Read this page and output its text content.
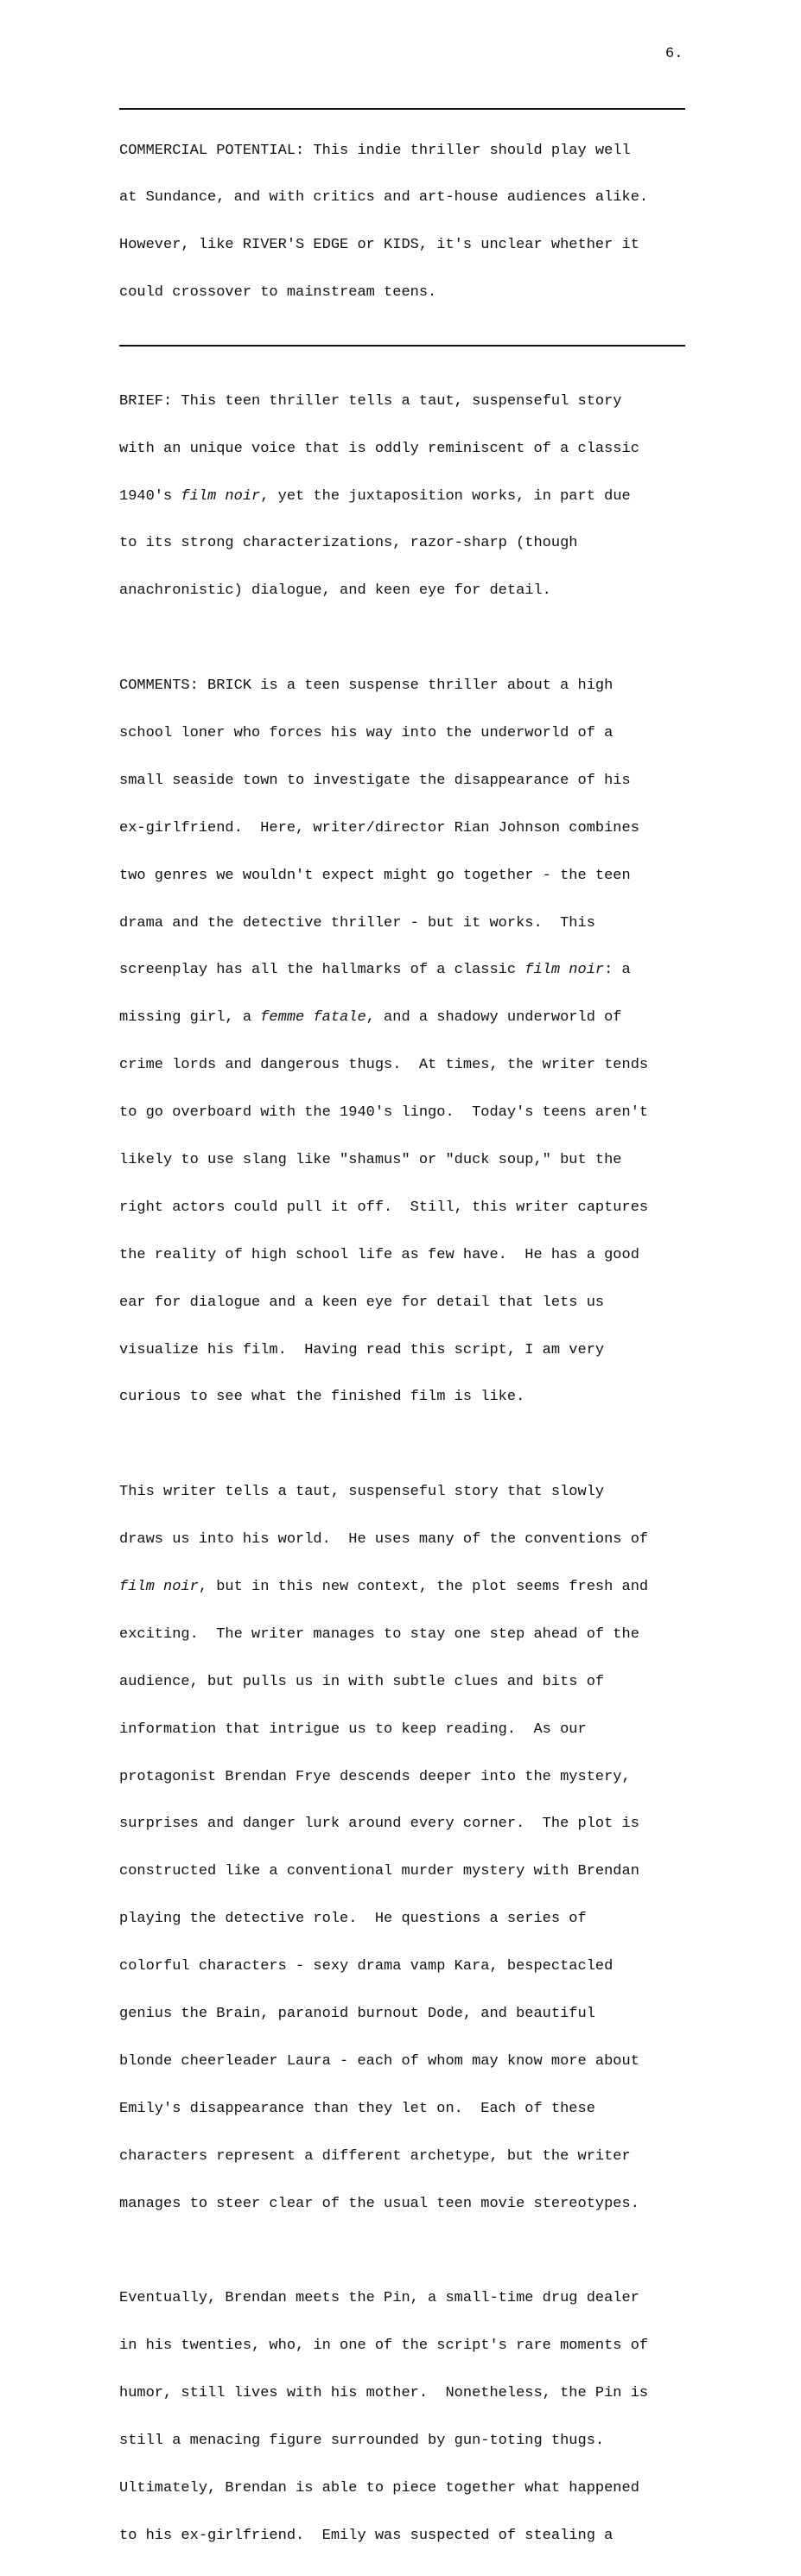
6.

COMMERCIAL POTENTIAL: This indie thriller should play well

at Sundance, and with critics and art-house audiences alike.

However, like RIVER'S EDGE or KIDS, it's unclear whether it

could crossover to mainstream teens.

BRIEF: This teen thriller tells a taut, suspenseful story

with an unique voice that is oddly reminiscent of a classic

1940's film noir, yet the juxtaposition works, in part due

to its strong characterizations, razor-sharp (though

anachronistic) dialogue, and keen eye for detail.

COMMENTS: BRICK is a teen suspense thriller about a high

school loner who forces his way into the underworld of a

small seaside town to investigate the disappearance of his

ex-girlfriend.  Here, writer/director Rian Johnson combines

two genres we wouldn't expect might go together - the teen

drama and the detective thriller - but it works.  This

screenplay has all the hallmarks of a classic film noir: a

missing girl, a femme fatale, and a shadowy underworld of

crime lords and dangerous thugs.  At times, the writer tends

to go overboard with the 1940's lingo.  Today's teens aren't

likely to use slang like "shamus" or "duck soup," but the

right actors could pull it off.  Still, this writer captures

the reality of high school life as few have.  He has a good

ear for dialogue and a keen eye for detail that lets us

visualize his film.  Having read this script, I am very

curious to see what the finished film is like.

This writer tells a taut, suspenseful story that slowly

draws us into his world.  He uses many of the conventions of

film noir, but in this new context, the plot seems fresh and

exciting.  The writer manages to stay one step ahead of the

audience, but pulls us in with subtle clues and bits of

information that intrigue us to keep reading.  As our

protagonist Brendan Frye descends deeper into the mystery,

surprises and danger lurk around every corner.  The plot is

constructed like a conventional murder mystery with Brendan

playing the detective role.  He questions a series of

colorful characters - sexy drama vamp Kara, bespectacled

genius the Brain, paranoid burnout Dode, and beautiful

blonde cheerleader Laura - each of whom may know more about

Emily's disappearance than they let on.  Each of these

characters represent a different archetype, but the writer

manages to steer clear of the usual teen movie stereotypes.

Eventually, Brendan meets the Pin, a small-time drug dealer

in his twenties, who, in one of the script's rare moments of

humor, still lives with his mother.  Nonetheless, the Pin is

still a menacing figure surrounded by gun-toting thugs.

Ultimately, Brendan is able to piece together what happened

to his ex-girlfriend.  Emily was suspected of stealing a
